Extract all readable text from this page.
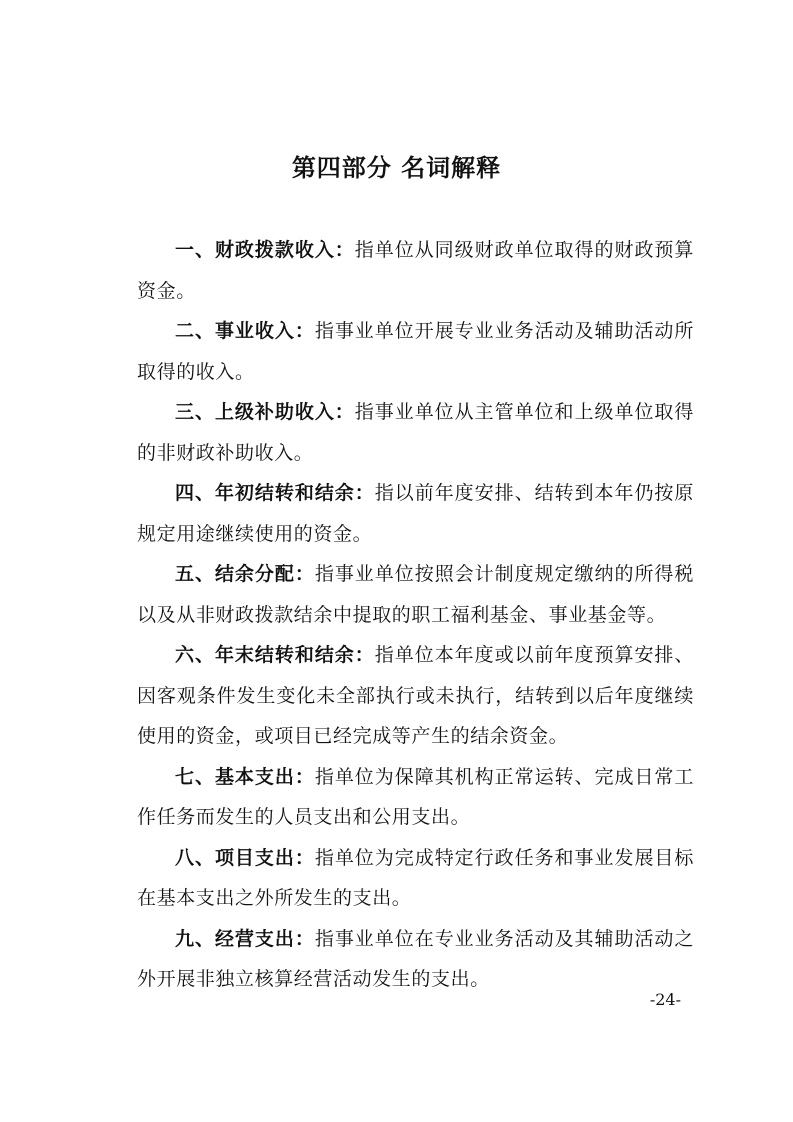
第四部分 名词解释

一、财政拨款收入：指单位从同级财政单位取得的财政预算资金。

二、事业收入：指事业单位开展专业业务活动及辅助活动所取得的收入。

三、上级补助收入：指事业单位从主管单位和上级单位取得的非财政补助收入。

四、年初结转和结余：指以前年度安排、结转到本年仍按原规定用途继续使用的资金。

五、结余分配：指事业单位按照会计制度规定缴纳的所得税以及从非财政拨款结余中提取的职工福利基金、事业基金等。

六、年末结转和结余：指单位本年度或以前年度预算安排、因客观条件发生变化未全部执行或未执行，结转到以后年度继续使用的资金，或项目已经完成等产生的结余资金。

七、基本支出：指单位为保障其机构正常运转、完成日常工作任务而发生的人员支出和公用支出。

八、项目支出：指单位为完成特定行政任务和事业发展目标在基本支出之外所发生的支出。

九、经营支出：指事业单位在专业业务活动及其辅助活动之外开展非独立核算经营活动发生的支出。

-24-
